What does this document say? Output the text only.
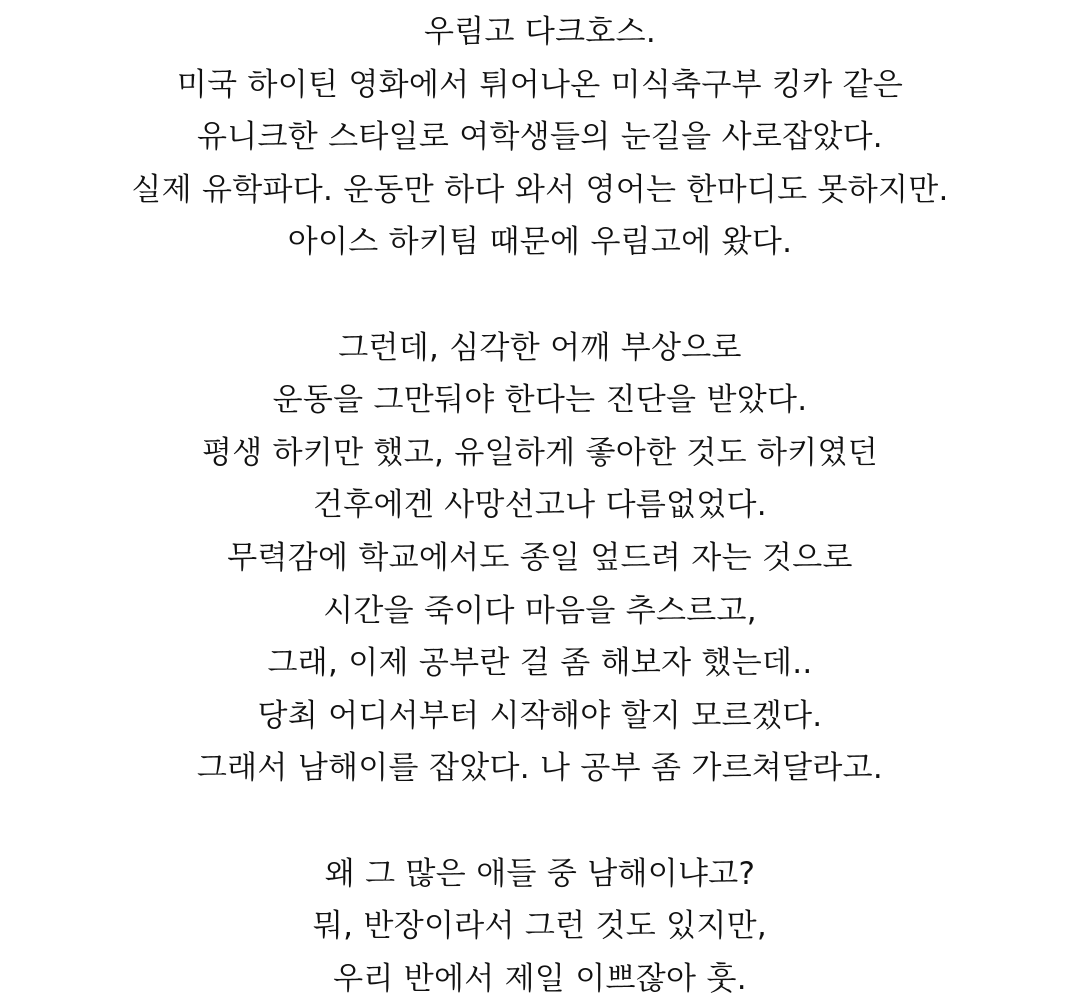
우림고 다크호스.
미국 하이틴 영화에서 튀어나온 미식축구부 킹카 같은
유니크한 스타일로 여학생들의 눈길을 사로잡았다.
실제 유학파다. 운동만 하다 와서 영어는 한마디도 못하지만.
아이스 하키팀 때문에 우림고에 왔다.
그런데, 심각한 어깨 부상으로
운동을 그만둬야 한다는 진단을 받았다.
평생 하키만 했고, 유일하게 좋아한 것도 하키였던
건후에겐 사망선고나 다름없었다.
무력감에 학교에서도 종일 엎드려 자는 것으로
시간을 죽이다 마음을 추스르고,
그래, 이제 공부란 걸 좀 해보자 했는데..
당최 어디서부터 시작해야 할지 모르겠다.
그래서 남해이를 잡았다. 나 공부 좀 가르쳐달라고.
왜 그 많은 애들 중 남해이냐고?
뭐, 반장이라서 그런 것도 있지만,
우리 반에서 제일 이쁘잖아 훗.
